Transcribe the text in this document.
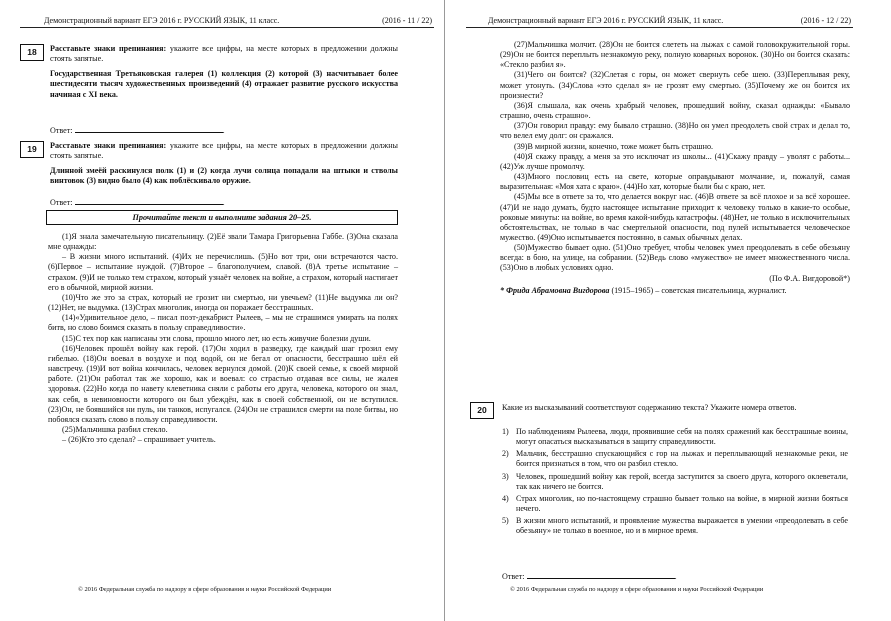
Демонстрационный вариант ЕГЭ 2016 г. РУССКИЙ ЯЗЫК, 11 класс.	(2016 - 11 / 22)
18	Расставьте знаки препинания: укажите все цифры, на месте которых в предложении должны стоять запятые.

Государственная Третьяковская галерея (1) коллекция (2) которой (3) насчитывает более шестидесяти тысяч художественных произведений (4) отражает развитие русского искусства начиная с XI века.

Ответ:	.
19	Расставьте знаки препинания: укажите все цифры, на месте которых в предложении должны стоять запятые.

Длинной змеёй раскинулся полк (1) и (2) когда лучи солнца попадали на штыки и стволы винтовок (3) видно было (4) как поблёскивало оружие.

Ответ:	.
Прочитайте текст и выполните задания 20–25.

(1)Я знала замечательную писательницу. (2)Её звали Тамара Григорьевна Габбе. (3)Она сказала мне однажды:

– В жизни много испытаний. (4)Их не перечислишь. (5)Но вот три, они встречаются часто. (6)Первое – испытание нуждой. (7)Второе – благополучием, славой. (8)А третье испытание – страхом. (9)И не только тем страхом, который узнаёт человек на войне, а страхом, который настигает его в обычной, мирной жизни.

(10)Что же это за страх, который не грозит ни смертью, ни увечьем? (11)Не выдумка ли он? (12)Нет, не выдумка. (13)Страх многолик, иногда он поражает бесстрашных.

(14)«Удивительное дело, – писал поэт-декабрист Рылеев, – мы не страшимся умирать на полях битв, но слово боимся сказать в пользу справедливости».

(15)С тех пор как написаны эти слова, прошло много лет, но есть живучие болезни души.

(16)Человек прошёл войну как герой. (17)Он ходил в разведку, где каждый шаг грозил ему гибелью. (18)Он воевал в воздухе и под водой, он не бегал от опасности, бесстрашно шёл ей навстречу. (19)И вот война кончилась, человек вернулся домой. (20)К своей семье, к своей мирной работе. (21)Он работал так же хорошо, как и воевал: со страстью отдавая все силы, не жалея здоровья. (22)Но когда по навету клеветника сняли с работы его друга, человека, которого он знал, как себя, в невиновности которого он был убеждён, как в своей собственной, он не вступился. (23)Он, не боявшийся ни пуль, ни танков, испугался. (24)Он не страшился смерти на поле битвы, но побоялся сказать слово в пользу справедливости.

(25)Мальчишка разбил стекло.

– (26)Кто это сделал? – спрашивает учитель.

© 2016 Федеральная служба по надзору в сфере образования и науки Российской Федерации
Демонстрационный вариант ЕГЭ 2016 г. РУССКИЙ ЯЗЫК, 11 класс.	(2016 - 12 / 22)

(27)Мальчишка молчит. (28)Он не боится слететь на лыжах с самой головокружительной горы. (29)Он не боится переплыть незнакомую реку, полную коварных воронок. (30)Но он боится сказать: «Стекло разбил я».

(31)Чего он боится? (32)Слетая с горы, он может свернуть себе шею. (33)Переплывая реку, может утонуть. (34)Слова «это сделал я» не грозят ему смертью. (35)Почему же он боится их произнести?

(36)Я слышала, как очень храбрый человек, прошедший войну, сказал однажды: «Бывало страшно, очень страшно».

(37)Он говорил правду: ему бывало страшно. (38)Но он умел преодолеть свой страх и делал то, что велел ему долг: он сражался.

(39)В мирной жизни, конечно, тоже может быть страшно.

(40)Я скажу правду, а меня за это исключат из школы... (41)Скажу правду – уволят с работы... (42)Уж лучше промолчу.

(43)Много пословиц есть на свете, которые оправдывают молчание, и, пожалуй, самая выразительная: «Моя хата с краю». (44)Но хат, которые были бы с краю, нет.

(45)Мы все в ответе за то, что делается вокруг нас. (46)В ответе за всё плохое и за всё хорошее. (47)И не надо думать, будто настоящее испытание приходит к человеку только в какие-то особые, роковые минуты: на войне, во время какой-нибудь катастрофы. (48)Нет, не только в исключительных обстоятельствах, не только в час смертельной опасности, под пулей испытывается человеческое мужество. (49)Оно испытывается постоянно, в самых обычных делах.

(50)Мужество бывает одно. (51)Оно требует, чтобы человек умел преодолевать в себе обезьяну всегда: в бою, на улице, на собрании. (52)Ведь слово «мужество» не имеет множественного числа. (53)Оно в любых условиях одно.

(По Ф.А. Вигдоровой*)

* Фрида Абрамовна Вигдорова (1915–1965) – советская писательница, журналист.

20	Какие из высказываний соответствуют содержанию текста? Укажите номера ответов.
1) По наблюдениям Рылеева, люди, проявившие себя на полях сражений как бесстрашные воины, могут опасаться высказываться в защиту справедливости.
2) Мальчик, бесстрашно спускающийся с гор на лыжах и переплывающий незнакомые реки, не боится признаться в том, что он разбил стекло.
3) Человек, прошедший войну как герой, всегда заступится за своего друга, которого оклеветали, так как ничего не боится.
4) Страх многолик, но по-настоящему страшно бывает только на войне, в мирной жизни бояться нечего.
5) В жизни много испытаний, и проявление мужества выражается в умении «преодолевать в себе обезьяну» не только в военное, но и в мирное время.
Ответ:	.
© 2016 Федеральная служба по надзору в сфере образования и науки Российской Федерации
